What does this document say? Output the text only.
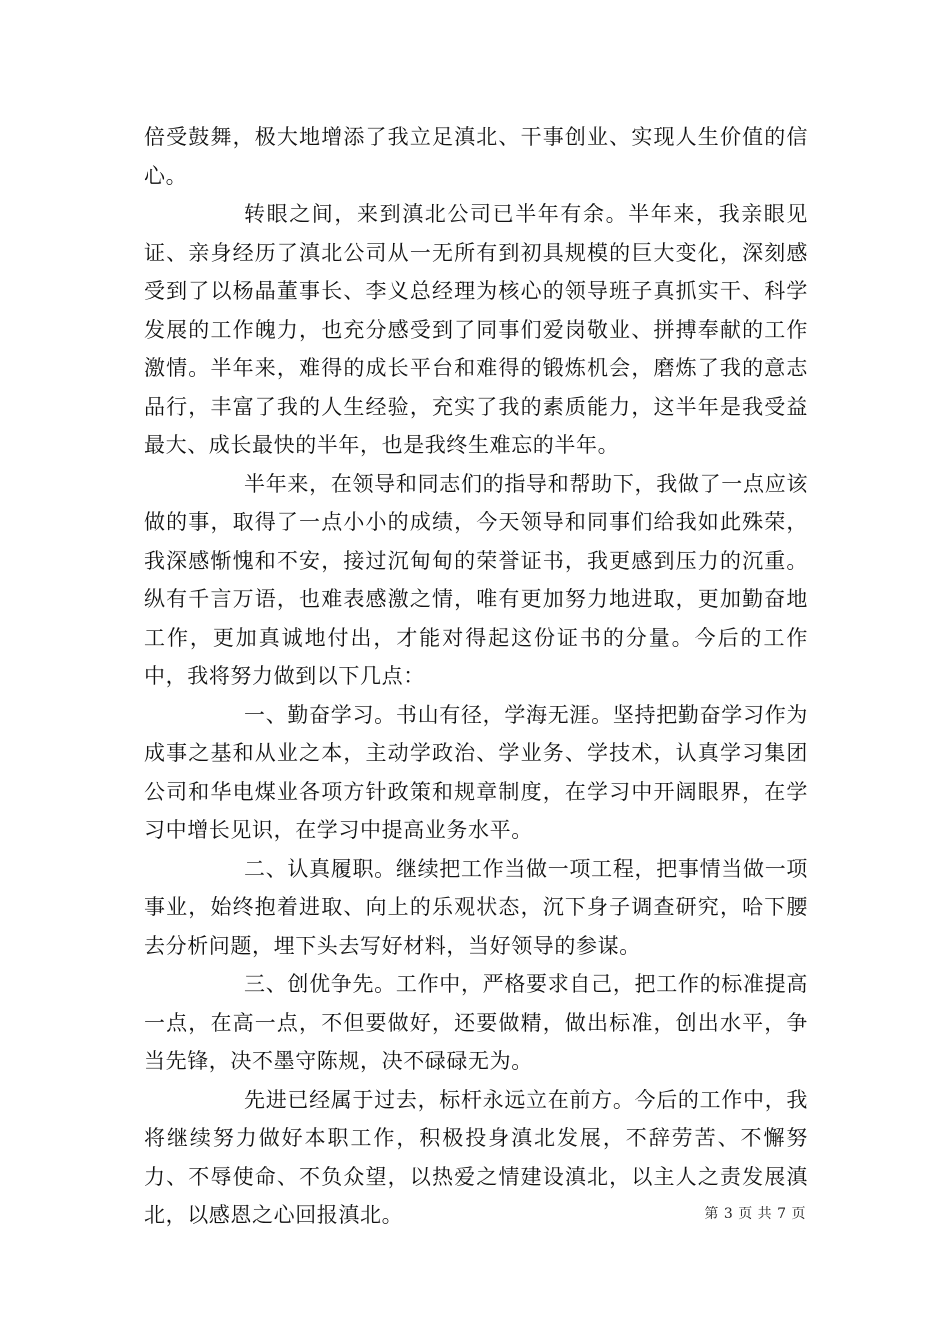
倍受鼓舞，极大地增添了我立足滇北、干事创业、实现人生价值的信心。

转眼之间，来到滇北公司已半年有余。半年来，我亲眼见证、亲身经历了滇北公司从一无所有到初具规模的巨大变化，深刻感受到了以杨晶董事长、李义总经理为核心的领导班子真抓实干、科学发展的工作魄力，也充分感受到了同事们爱岗敬业、拼搏奉献的工作激情。半年来，难得的成长平台和难得的锻炼机会，磨炼了我的意志品行，丰富了我的人生经验，充实了我的素质能力，这半年是我受益最大、成长最快的半年，也是我终生难忘的半年。

半年来，在领导和同志们的指导和帮助下，我做了一点应该做的事，取得了一点小小的成绩，今天领导和同事们给我如此殊荣，我深感惭愧和不安，接过沉甸甸的荣誉证书，我更感到压力的沉重。纵有千言万语，也难表感激之情，唯有更加努力地进取，更加勤奋地工作，更加真诚地付出，才能对得起这份证书的分量。今后的工作中，我将努力做到以下几点：

一、勤奋学习。书山有径，学海无涯。坚持把勤奋学习作为成事之基和从业之本，主动学政治、学业务、学技术，认真学习集团公司和华电煤业各项方针政策和规章制度，在学习中开阔眼界，在学习中增长见识，在学习中提高业务水平。

二、认真履职。继续把工作当做一项工程，把事情当做一项事业，始终抱着进取、向上的乐观状态，沉下身子调查研究，哈下腰去分析问题，埋下头去写好材料，当好领导的参谋。

三、创优争先。工作中，严格要求自己，把工作的标准提高一点，在高一点，不但要做好，还要做精，做出标准，创出水平，争当先锋，决不墨守陈规，决不碌碌无为。

先进已经属于过去，标杆永远立在前方。今后的工作中，我将继续努力做好本职工作，积极投身滇北发展，不辞劳苦、不懈努力、不辱使命、不负众望，以热爱之情建设滇北，以主人之责发展滇北，以感恩之心回报滇北。	第 3 页 共 7 页
